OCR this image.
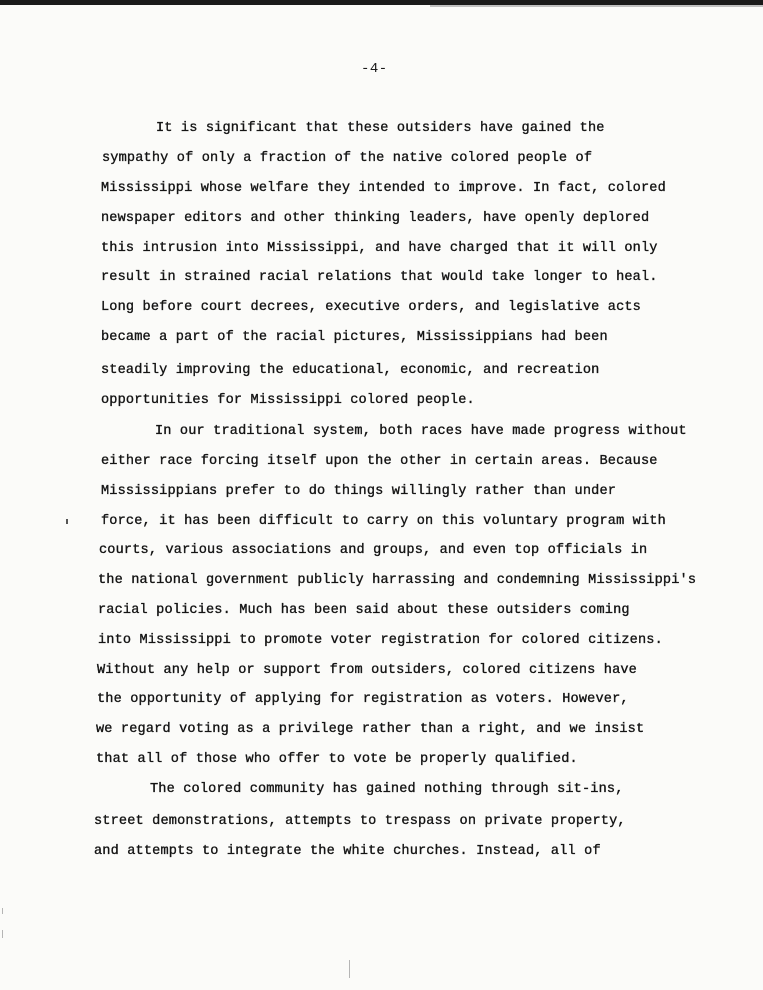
-4-
It is significant that these outsiders have gained the
sympathy of only a fraction of the native colored people of
Mississippi whose welfare they intended to improve. In fact, colored
newspaper editors and other thinking leaders, have openly deplored
this intrusion into Mississippi, and have charged that it will only
result in strained racial relations that would take longer to heal.
Long before court decrees, executive orders, and legislative acts
became a part of the racial pictures, Mississippians had been
steadily improving the educational, economic, and recreation
opportunities for Mississippi colored people.
In our traditional system, both races have made progress without
either race forcing itself upon the other in certain areas. Because
Mississippians prefer to do things willingly rather than under
force, it has been difficult to carry on this voluntary program with
courts, various associations and groups, and even top officials in
the national government publicly harrassing and condemning Mississippi's
racial policies. Much has been said about these outsiders coming
into Mississippi to promote voter registration for colored citizens.
Without any help or support from outsiders, colored citizens have
the opportunity of applying for registration as voters. However,
we regard voting as a privilege rather than a right, and we insist
that all of those who offer to vote be properly qualified.
The colored community has gained nothing through sit-ins,
street demonstrations, attempts to trespass on private property,
and attempts to integrate the white churches. Instead, all of
